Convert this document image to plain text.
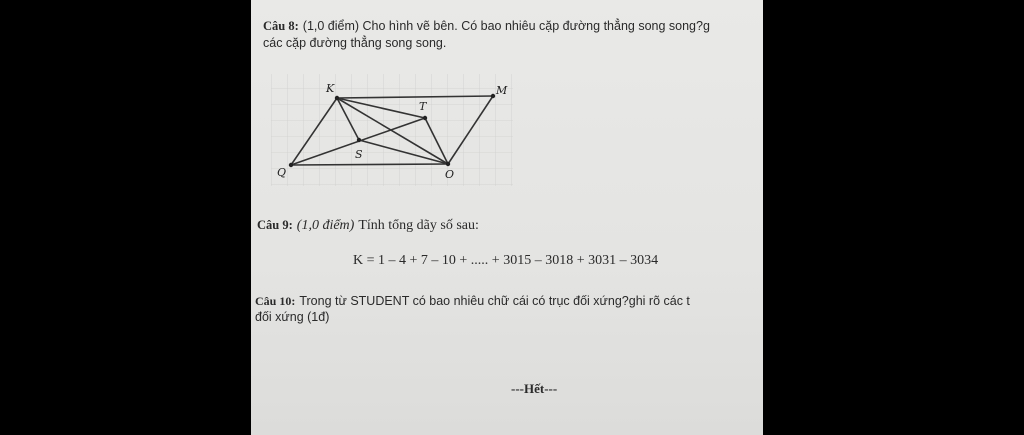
Câu 8: (1,0 điểm) Cho hình vẽ bên. Có bao nhiêu cặp đường thẳng song song?g
các cặp đường thẳng song song.
K	M
T
S
Q	O
Câu 9: (1,0 điểm) Tính tổng dãy số sau:
K = 1 – 4 + 7 – 10 + ..... + 3015 – 3018 + 3031 – 3034
Câu 10: Trong từ STUDENT có bao nhiêu chữ cái có trục đối xứng?ghi rõ các t
đối xứng (1đ)
---Hết---
